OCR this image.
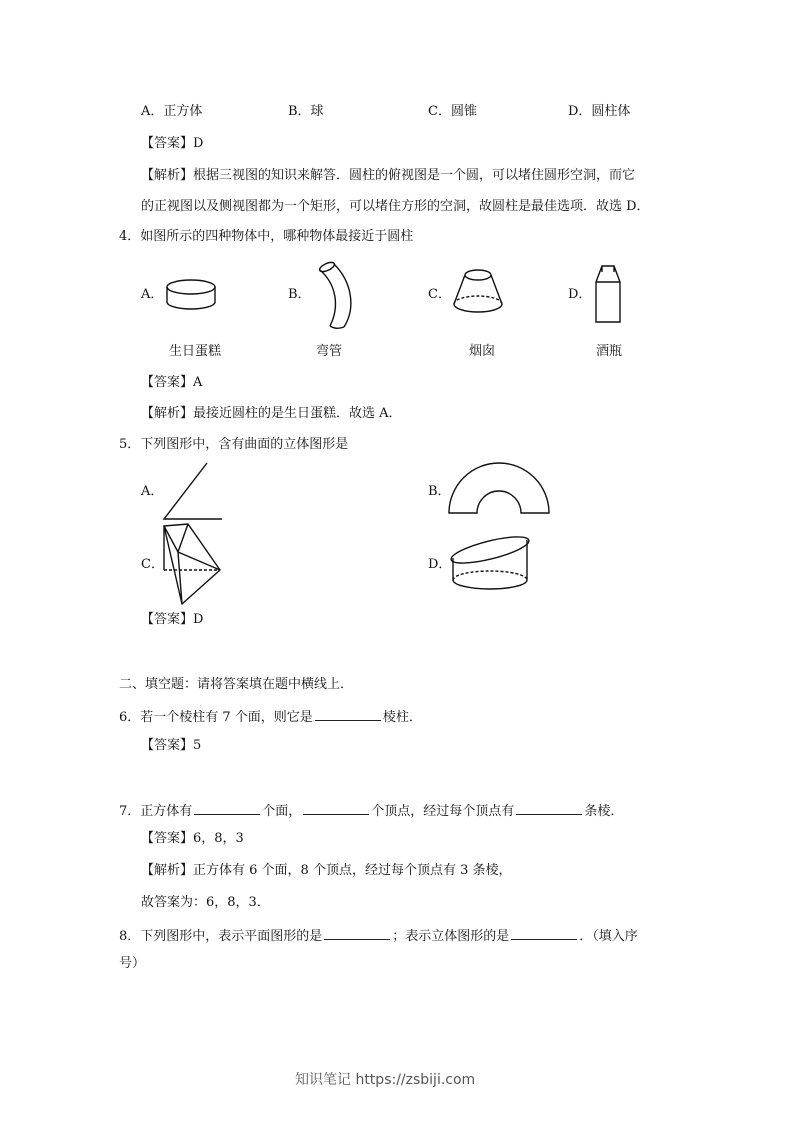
A．正方体	B．球	C．圆锥	D．圆柱体
【答案】D
【解析】根据三视图的知识来解答．圆柱的俯视图是一个圆，可以堵住圆形空洞，而它
的正视图以及侧视图都为一个矩形，可以堵住方形的空洞，故圆柱是最佳选项．故选 D．
4．如图所示的四种物体中，哪种物体最接近于圆柱
A．	B．	C．	D．
生日蛋糕	弯管	烟囱	酒瓶
【答案】A
【解析】最接近圆柱的是生日蛋糕．故选 A．
5．下列图形中，含有曲面的立体图形是
A．	B．
C．	D．
【答案】D
二、填空题：请将答案填在题中横线上．
6．若一个棱柱有 7 个面，则它是	棱柱．
【答案】5
7．正方体有	个面，	个顶点，经过每个顶点有	条棱．
【答案】6，8，3
【解析】正方体有 6 个面，8 个顶点，经过每个顶点有 3 条棱，
故答案为：6，8，3．
8．下列图形中，表示平面图形的是	；表示立体图形的是	．（填入序
号）
知识笔记 https://zsbiji.com
